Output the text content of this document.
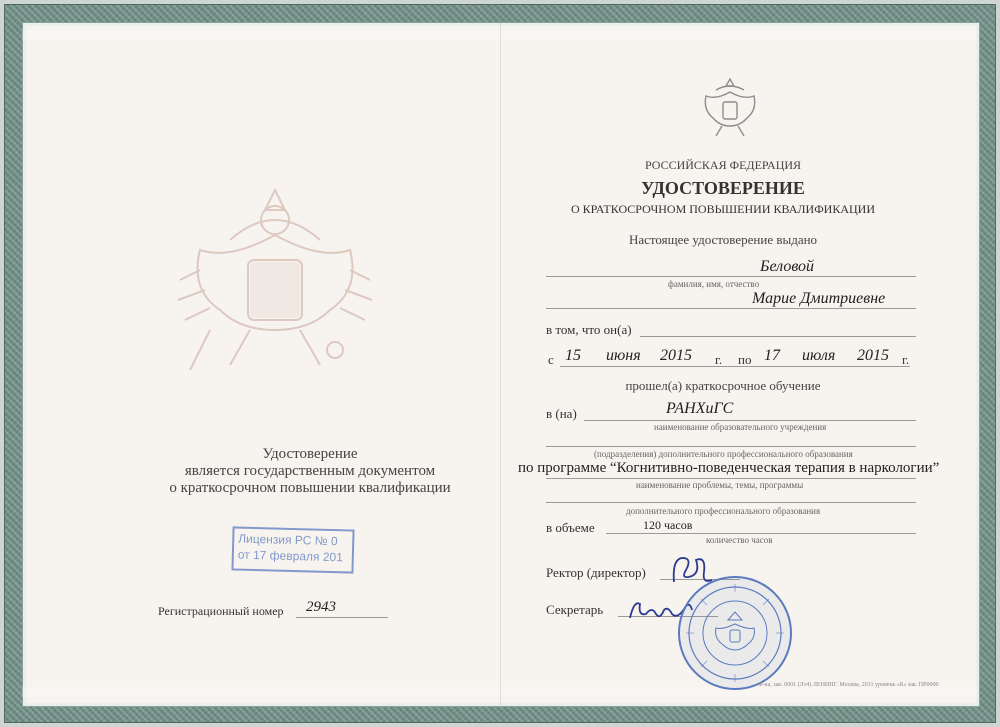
Удостоверение
является государственным документом
о краткосрочном повышении квалификации
Лицензия РС № 0
от 17 февраля 201
Регистрационный номер 2943
РОССИЙСКАЯ ФЕДЕРАЦИЯ
УДОСТОВЕРЕНИЕ
О КРАТКОСРОЧНОМ ПОВЫШЕНИИ КВАЛИФИКАЦИИ
Настоящее удостоверение выдано
Беловой
фамилия, имя, отчество
Марие Дмитриевне
в том, что он(а)
с 15 июня 2015 г. по 17 июля 2015 г.
прошел(а) краткосрочное обучение
в (на)	РАНХиГС
наименование образовательного учреждения
(подразделения) дополнительного профессионального образования
по программе “Когнитивно-поведенческая терапия в наркологии”
наименование проблемы, темы, программы
дополнительного профессионального образования
в объеме	120 часов
количество часов
Ректор (директор)
Секретарь
Ф-ка, зак. 0001 (Лт4) ЛЕНИНГ. Москва, 2011 уровень «Б» зак. ПР0000
